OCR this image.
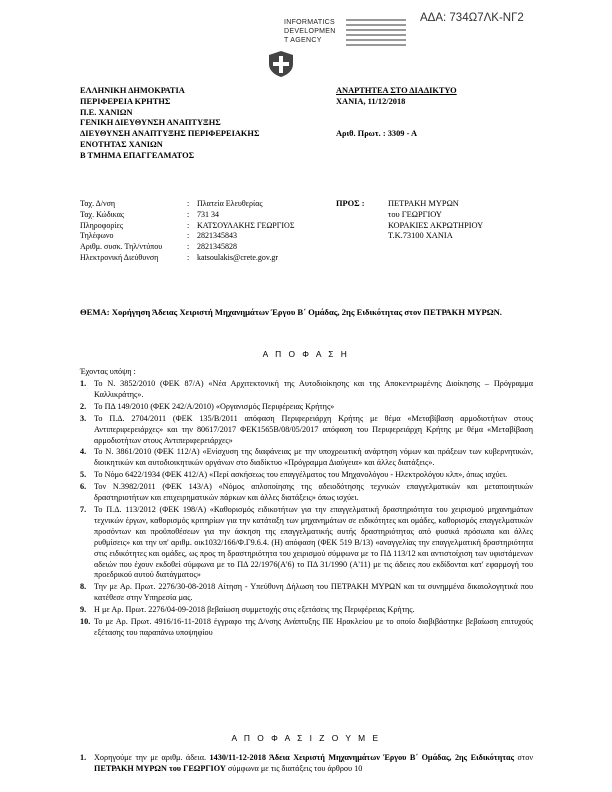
ΑΔΑ: 734Ω7ΛΚ-ΝΓ2
INFORMATICS
DEVELOPMEN
T AGENCY
ΕΛΛΗΝΙΚΗ ΔΗΜΟΚΡΑΤΙΑ
ΠΕΡΙΦΕΡΕΙΑ ΚΡΗΤΗΣ
Π.Ε. ΧΑΝΙΩΝ
ΓΕΝΙΚΗ ΔΙΕΥΘΥΝΣΗ ΑΝΑΠΤΥΞΗΣ
ΔΙΕΥΘΥΝΣΗ ΑΝΑΠΤΥΞΗΣ ΠΕΡΙΦΕΡΕΙΑΚΗΣ
ΕΝΟΤΗΤΑΣ ΧΑΝΙΩΝ
Β ΤΜΗΜΑ ΕΠΑΓΓΕΛΜΑΤΟΣ
ΑΝΑΡΤΗΤΕΑ ΣΤΟ ΔΙΑΔΙΚΤΥΟ
ΧΑΝΙΑ, 11/12/2018
Αριθ. Πρωτ. : 3309 - Α
Ταχ. Δ/νση	: Πλατεία Ελευθερίας
Ταχ. Κώδικας	: 731 34
Πληροφορίες	: ΚΑΤΣΟΥΛΑΚΗΣ ΓΕΩΡΓΙΟΣ
Τηλέφωνο	: 2821345843
Αριθμ. συσκ. Τηλ/ντύπου	: 2821345828
Ηλεκτρονική Διεύθυνση	: katsoulakis@crete.gov.gr
ΠΡΟΣ :	ΠΕΤΡΑΚΗ ΜΥΡΩΝ
του ΓΕΩΡΓΙΟΥ
ΚΟΡΑΚΙΕΣ ΑΚΡΩΤΗΡΙΟΥ
Τ.Κ.73100 ΧΑΝΙΑ
ΘΕΜΑ: Χορήγηση Άδειας Χειριστή Μηχανημάτων Έργου Β΄ Ομάδας, 2ης Ειδικότητας στον ΠΕΤΡΑΚΗ ΜΥΡΩΝ.
Α Π Ο Φ Α Σ Η
Έχοντας υπόψη :
1. Το Ν. 3852/2010 (ΦΕΚ 87/Α) «Νέα Αρχιτεκτονική της Αυτοδιοίκησης και της Αποκεντρωμένης Διοίκησης – Πρόγραμμα Καλλικράτης».
2. Το ΠΔ 149/2010 (ΦΕΚ 242/Α/2010) «Οργανισμός Περιφέρειας Κρήτης»
3. Το Π.Δ. 2704/2011 (ΦΕΚ 135/Β/2011 απόφαση Περιφερειάρχη Κρήτης με θέμα «Μεταβίβαση αρμοδιοτήτων στους Αντιπεριφερειάρχες» και την 80617/2017 ΦΕΚ1565Β/08/05/2017 απόφαση του Περιφερειάρχη Κρήτης με θέμα «Μεταβίβαση αρμοδιοτήτων στους Αντιπεριφερειάρχες»
4. Το Ν. 3861/2010 (ΦΕΚ 112/Α) «Ενίσχυση της διαφάνειας με την υποχρεωτική ανάρτηση νόμων και πράξεων των κυβερνητικών, διοικητικών και αυτοδιοικητικών οργάνων στο διαδίκτυο «Πρόγραμμα Διαύγεια» και άλλες διατάξεις».
5. Το Νόμο 6422/1934 (ΦΕΚ 412/Α) «Περί ασκήσεως του επαγγέλματος του Μηχανολόγου - Ηλεκτρολόγου κλπ», όπως ισχύει.
6. Τον Ν.3982/2011 (ΦΕΚ 143/Α) «Νόμος απλοποίησης της αδειοδότησης τεχνικών επαγγελματικών και μεταποιητικών δραστηριοτήτων και επιχειρηματικών πάρκων και άλλες διατάξεις» όπως ισχύει.
7. Το Π.Δ. 113/2012 (ΦΕΚ 198/Α) «Καθορισμός ειδικοτήτων για την επαγγελματική δραστηριότητα του χειρισμού μηχανημάτων τεχνικών έργων, καθορισμός κριτηρίων για την κατάταξη των μηχανημάτων σε ειδικότητες και ομάδες, καθορισμός επαγγελματικών προσόντων και προϋποθέσεων για την άσκηση της επαγγελματικής αυτής δραστηριότητας από φυσικά πρόσωπα και άλλες ρυθμίσεις» και την υπ' αριθμ. οικ1032/166/Φ.Γ9.6.4. (Η) απόφαση (ΦΕΚ 519 Β/13) «αναγγελίας την επαγγελματική δραστηριότητα στις ειδικότητες και ομάδες, ως προς τη δραστηριότητα του χειρισμού σύμφωνα με το ΠΔ 113/12 και αντιστοίχιση των υφιστάμενων αδειών που έχουν εκδοθεί σύμφωνα με το ΠΔ 22/1976(Α'6) το ΠΔ 31/1990 (Α'11) με τις άδειες που εκδίδονται κατ' εφαρμογή του προεδρικού αυτού διατάγματος»
8. Την με Αρ. Πρωτ. 2276/30-08-2018 Αίτηση - Υπεύθυνη Δήλωση του ΠΕΤΡΑΚΗ ΜΥΡΩΝ και τα συνημμένα δικαιολογητικά που κατέθεσε στην Υπηρεσία μας.
9. Η με Αρ. Πρωτ. 2276/04-09-2018 βεβαίωση συμμετοχής στις εξετάσεις της Περιφέρειας Κρήτης.
10. Το με Αρ. Πρωτ. 4916/16-11-2018 έγγραφο της Δ/νσης Ανάπτυξης ΠΕ Ηρακλείου με το οποίο διαβιβάστηκε βεβαίωση επιτυχούς εξέτασης του παραπάνω υποψηφίου
Α Π Ο Φ Α Σ Ι Ζ Ο Υ Μ Ε
1. Χορηγούμε την με αριθμ. άδεια. 1430/11-12-2018 Άδεια Χειριστή Μηχανημάτων Έργου Β΄ Ομάδας, 2ης Ειδικότητας στον ΠΕΤΡΑΚΗ ΜΥΡΩΝ του ΓΕΩΡΓΙΟΥ σύμφωνα με τις διατάξεις του άρθρου 10
